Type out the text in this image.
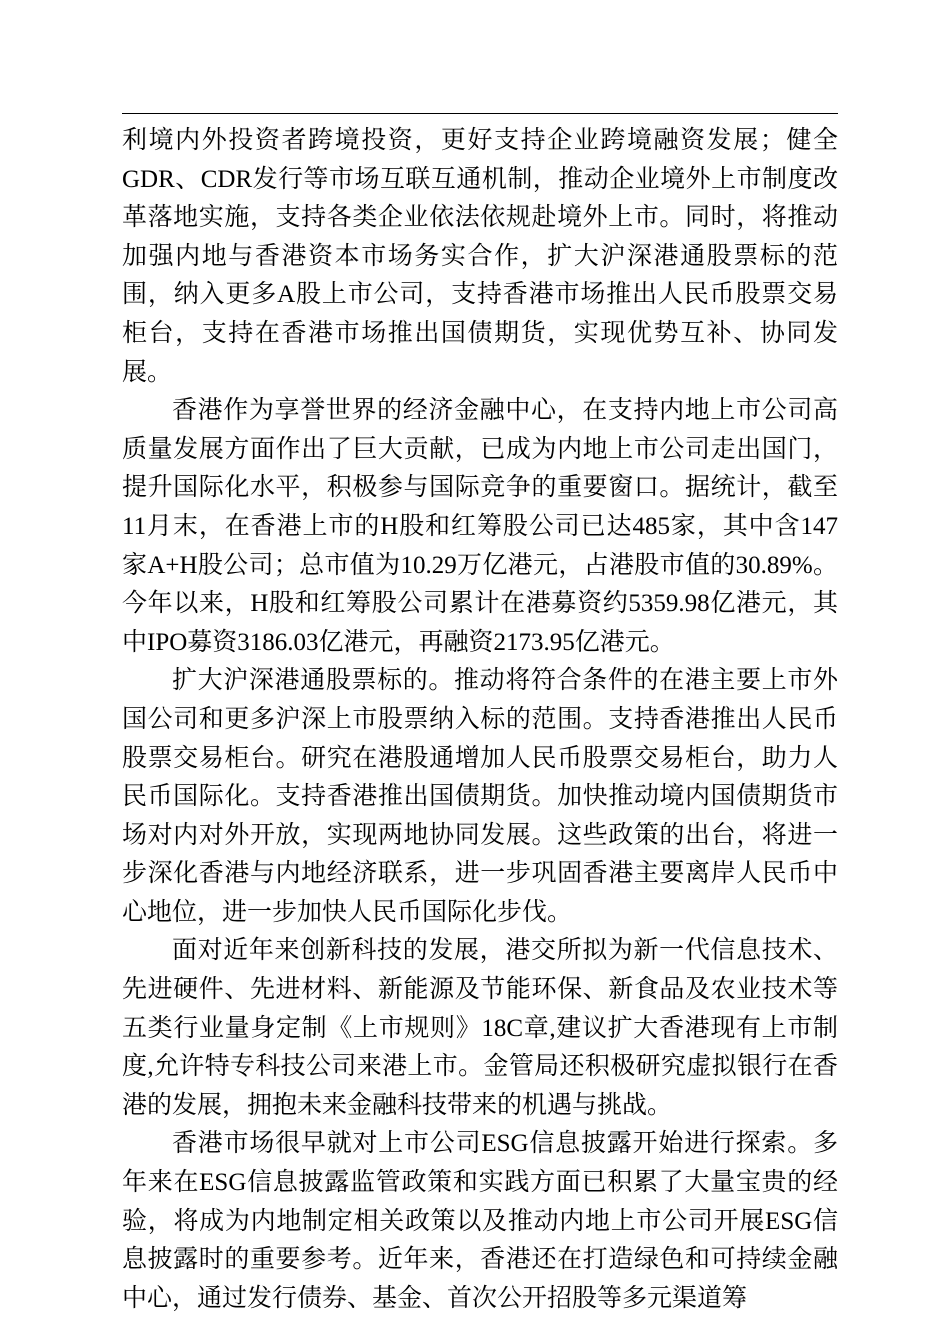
利境内外投资者跨境投资，更好支持企业跨境融资发展；健全GDR、CDR发行等市场互联互通机制，推动企业境外上市制度改革落地实施，支持各类企业依法依规赴境外上市。同时，将推动加强内地与香港资本市场务实合作，扩大沪深港通股票标的范围，纳入更多A股上市公司，支持香港市场推出人民币股票交易柜台，支持在香港市场推出国债期货，实现优势互补、协同发展。

香港作为享誉世界的经济金融中心，在支持内地上市公司高质量发展方面作出了巨大贡献，已成为内地上市公司走出国门，提升国际化水平，积极参与国际竞争的重要窗口。据统计，截至11月末，在香港上市的H股和红筹股公司已达485家，其中含147家A+H股公司；总市值为10.29万亿港元，占港股市值的30.89%。今年以来，H股和红筹股公司累计在港募资约5359.98亿港元，其中IPO募资3186.03亿港元，再融资2173.95亿港元。

扩大沪深港通股票标的。推动将符合条件的在港主要上市外国公司和更多沪深上市股票纳入标的范围。支持香港推出人民币股票交易柜台。研究在港股通增加人民币股票交易柜台，助力人民币国际化。支持香港推出国债期货。加快推动境内国债期货市场对内对外开放，实现两地协同发展。这些政策的出台，将进一步深化香港与内地经济联系，进一步巩固香港主要离岸人民币中心地位，进一步加快人民币国际化步伐。

面对近年来创新科技的发展，港交所拟为新一代信息技术、先进硬件、先进材料、新能源及节能环保、新食品及农业技术等五类行业量身定制《上市规则》18C章,建议扩大香港现有上市制度,允许特专科技公司来港上市。金管局还积极研究虚拟银行在香港的发展，拥抱未来金融科技带来的机遇与挑战。

香港市场很早就对上市公司ESG信息披露开始进行探索。多年来在ESG信息披露监管政策和实践方面已积累了大量宝贵的经验，将成为内地制定相关政策以及推动内地上市公司开展ESG信息披露时的重要参考。近年来，香港还在打造绿色和可持续金融中心，通过发行债券、基金、首次公开招股等多元渠道筹
